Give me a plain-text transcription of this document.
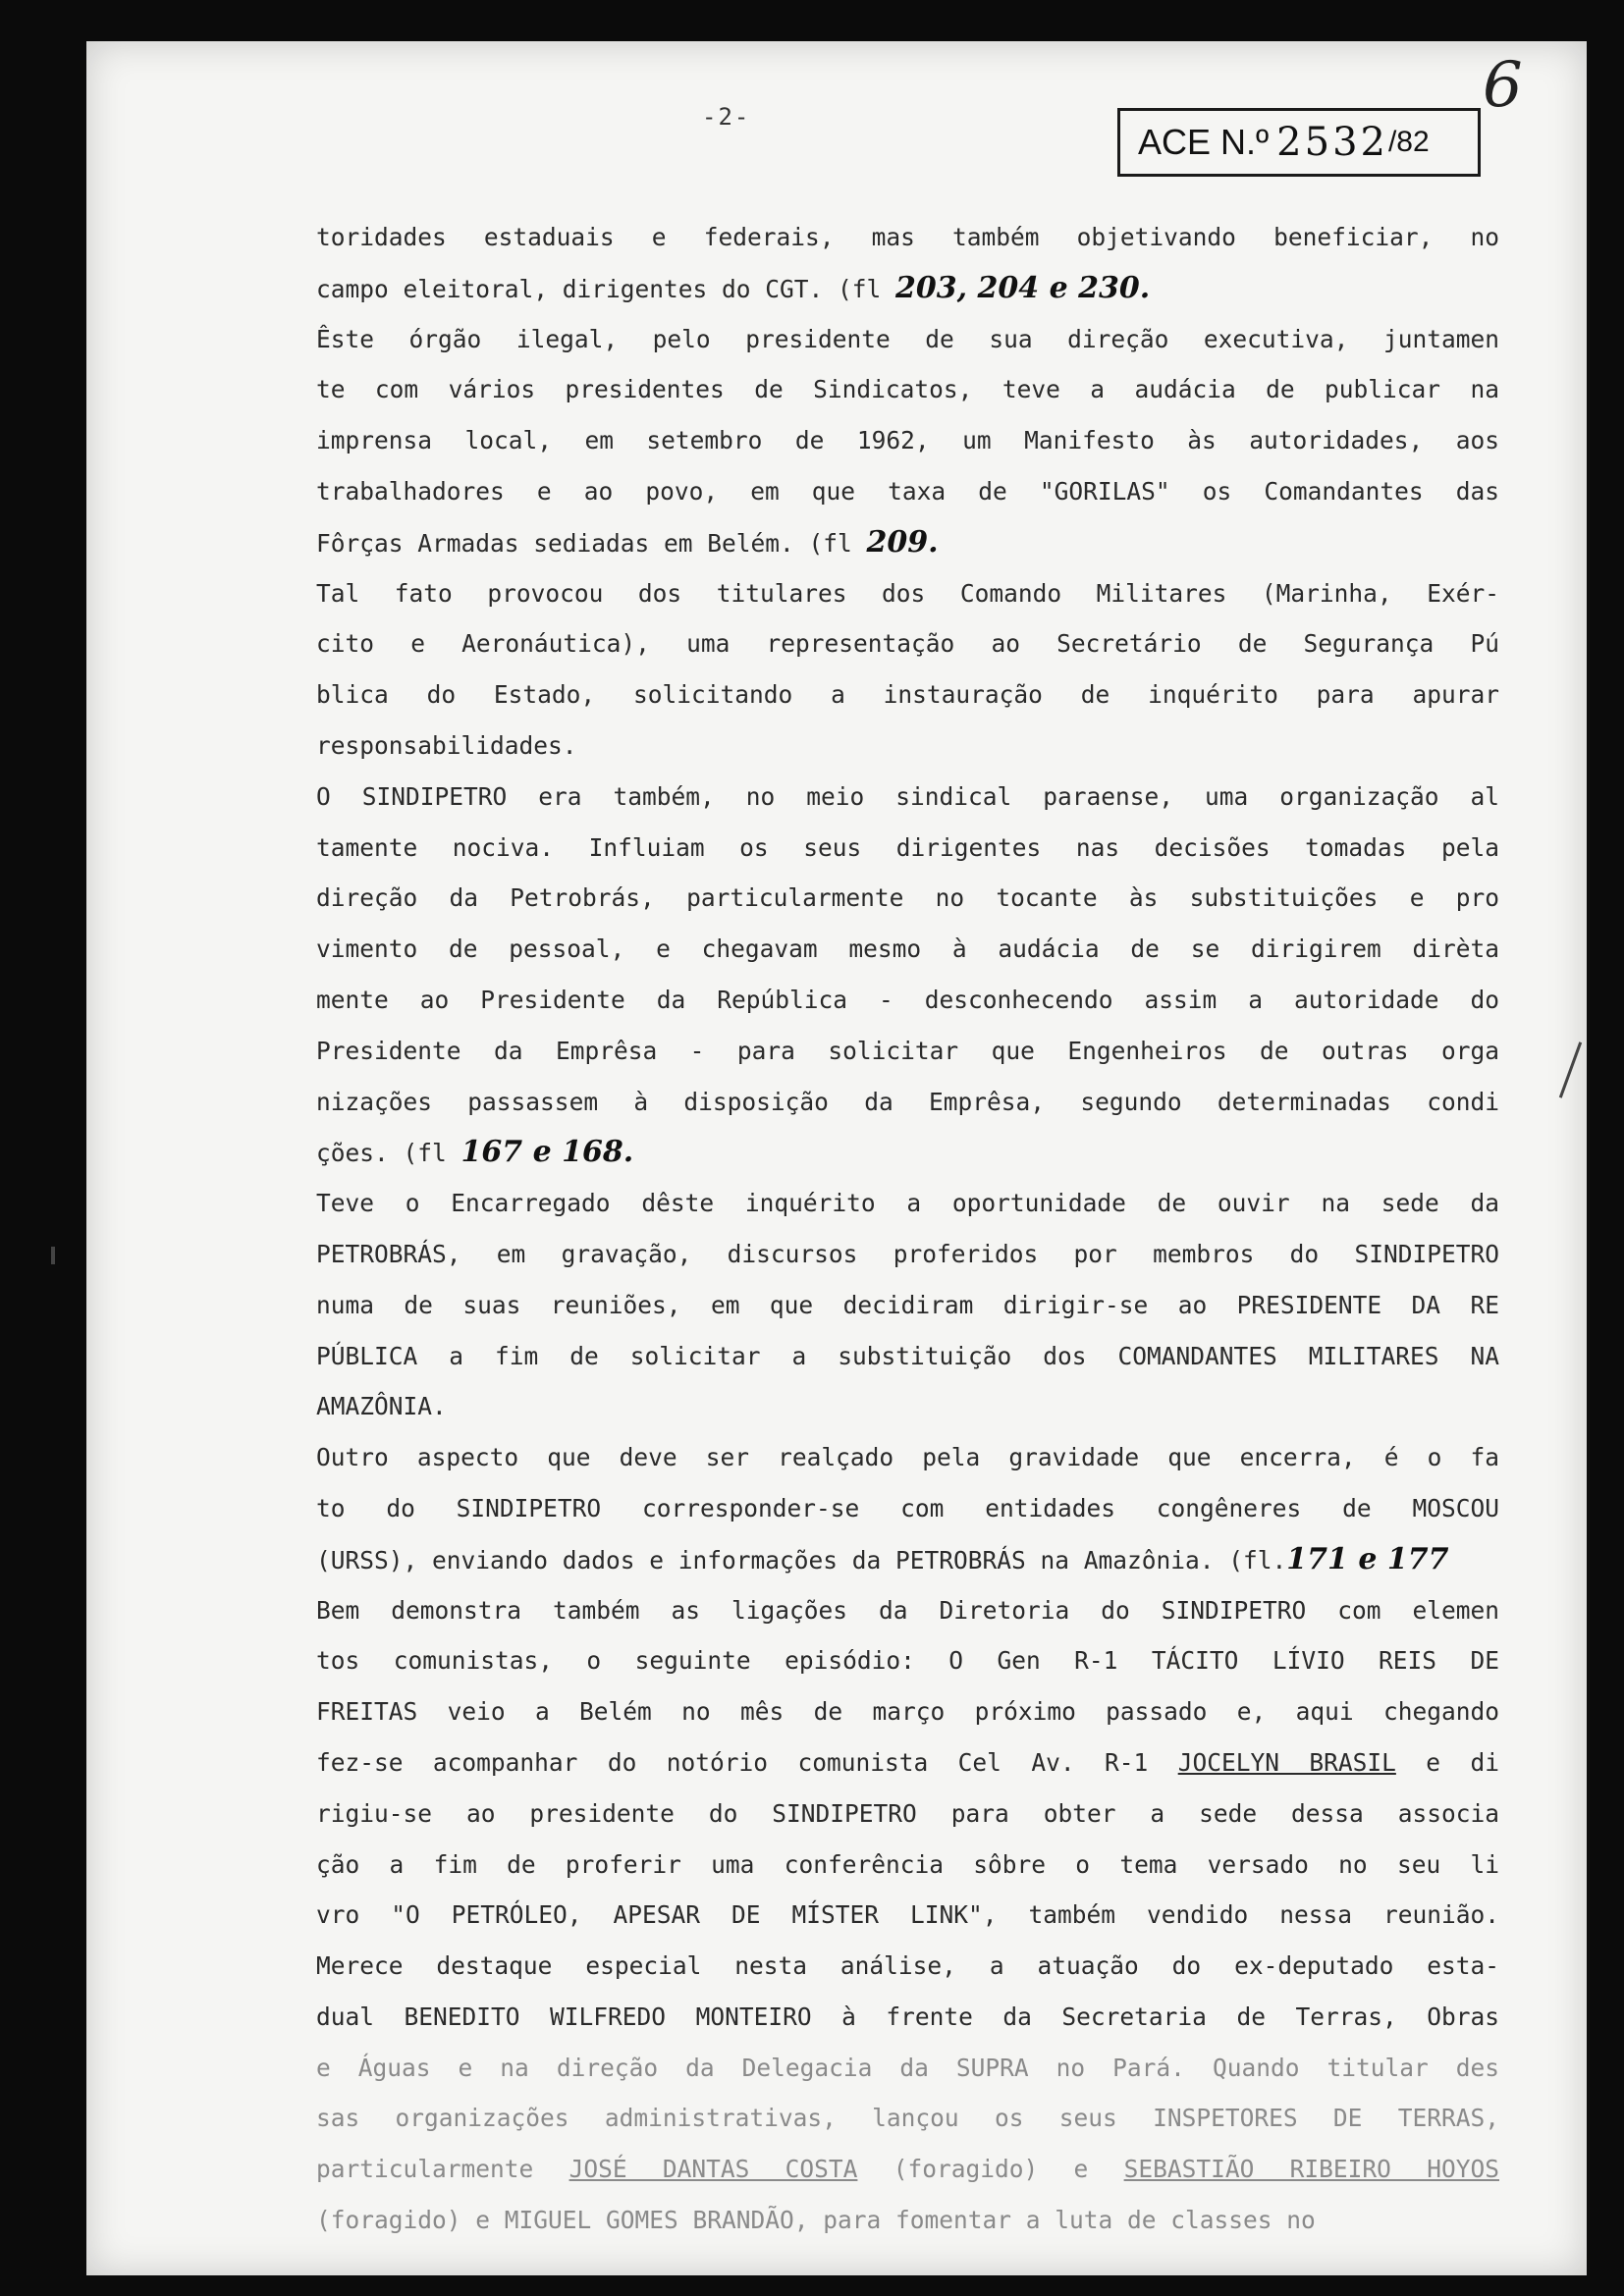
-2-
ACE N.º 2532 /82
6
toridades estaduais e federais, mas também objetivando beneficiar, no
campo eleitoral, dirigentes do CGT. (fl 203, 204 e 230.
Êste órgão ilegal, pelo presidente de sua direção executiva, juntamen
te com vários presidentes de Sindicatos, teve a audácia de publicar na
imprensa local, em setembro de 1962, um Manifesto às autoridades, aos
trabalhadores e ao povo, em que taxa de "GORILAS" os Comandantes das
Fôrças Armadas sediadas em Belém. (fl 209.
Tal fato provocou dos titulares dos Comando Militares (Marinha, Exér-
cito e Aeronáutica), uma representação ao Secretário de Segurança Pú
blica do Estado, solicitando a instauração de inquérito para apurar
responsabilidades.
O SINDIPETRO era também, no meio sindical paraense, uma organização al
tamente nociva. Influiam os seus dirigentes nas decisões tomadas pela
direção da Petrobrás, particularmente no tocante às substituições e pro
vimento de pessoal, e chegavam mesmo à audácia de se dirigirem dirèta
mente ao Presidente da República - desconhecendo assim a autoridade do
Presidente da Emprêsa - para solicitar que Engenheiros de outras orga
nizações passassem à disposição da Emprêsa, segundo determinadas condi
ções. (fl 167 e 168.
Teve o Encarregado dêste inquérito a oportunidade de ouvir na sede da
PETROBRÁS, em gravação, discursos proferidos por membros do SINDIPETRO
numa de suas reuniões, em que decidiram dirigir-se ao PRESIDENTE DA RE
PÚBLICA a fim de solicitar a substituição dos COMANDANTES MILITARES NA
AMAZÔNIA.
Outro aspecto que deve ser realçado pela gravidade que encerra, é o fa
to do SINDIPETRO corresponder-se com entidades congêneres de MOSCOU
(URSS), enviando dados e informações da PETROBRÁS na Amazônia. (fl.171 e 177
Bem demonstra também as ligações da Diretoria do SINDIPETRO com elemen
tos comunistas, o seguinte episódio: O Gen R-1 TÁCITO LÍVIO REIS DE
FREITAS veio a Belém no mês de março próximo passado e, aqui chegando
fez-se acompanhar do notório comunista Cel Av. R-1 JOCELYN BRASIL e di
rigiu-se ao presidente do SINDIPETRO para obter a sede dessa associa
ção a fim de proferir uma conferência sôbre o tema versado no seu li
vro "O PETRÓLEO, APESAR DE MÍSTER LINK", também vendido nessa reunião.
Merece destaque especial nesta análise, a atuação do ex-deputado esta-
dual BENEDITO WILFREDO MONTEIRO à frente da Secretaria de Terras, Obras
e Águas e na direção da Delegacia da SUPRA no Pará. Quando titular des
sas organizações administrativas, lançou os seus INSPETORES DE TERRAS,
particularmente JOSÉ DANTAS COSTA (foragido) e SEBASTIÃO RIBEIRO HOYOS
(foragido) e MIGUEL GOMES BRANDÃO, para fomentar a luta de classes no
